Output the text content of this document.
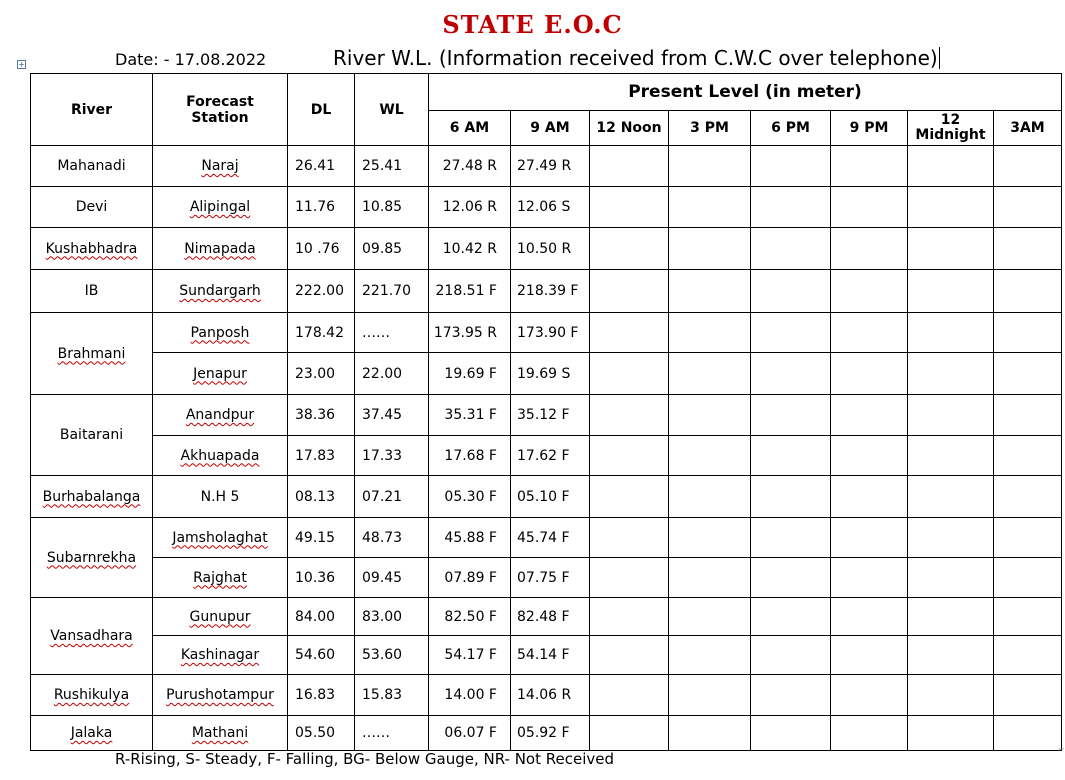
STATE E.O.C
Date: - 17.08.2022	River W.L. (Information received from C.W.C over telephone)
+
River	Forecast Station	DL	WL	Present Level (in meter)							
				6 AM	9 AM	12 Noon	3 PM	6 PM	9 PM	12
Midnight	3AM
Mahanadi	Naraj	26.41	25.41	27.48 R	27.49 R						
Devi	Alipingal	11.76	10.85	12.06 R	12.06 S						
Kushabhadra	Nimapada	10 .76	09.85	10.42 R	10.50 R						
IB	Sundargarh	222.00	221.70	218.51 F	218.39 F						
Brahmani	Panposh	178.42	……	173.95 R	173.90 F						
	Jenapur	23.00	22.00	19.69 F	19.69 S						
Baitarani	Anandpur	38.36	37.45	35.31 F	35.12 F						
	Akhuapada	17.83	17.33	17.68 F	17.62 F						
Burhabalanga	N.H 5	08.13	07.21	05.30 F	05.10 F						
Subarnrekha	Jamsholaghat	49.15	48.73	45.88 F	45.74 F						
	Rajghat	10.36	09.45	07.89 F	07.75 F						
Vansadhara	Gunupur	84.00	83.00	82.50 F	82.48 F						
	Kashinagar	54.60	53.60	54.17 F	54.14 F						
Rushikulya	Purushotampur	16.83	15.83	14.00 F	14.06 R						
Jalaka	Mathani	05.50	……	06.07 F	05.92 F						
R-Rising, S- Steady, F- Falling, BG- Below Gauge, NR- Not Received
⌐
